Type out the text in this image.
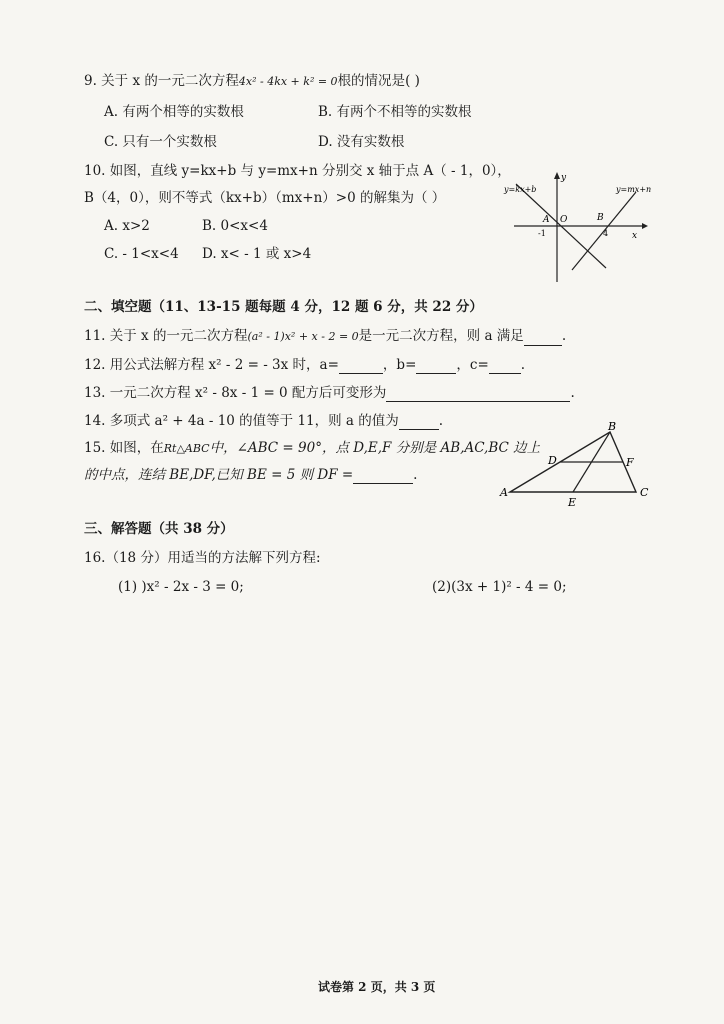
9. 关于 x 的一元二次方程4x² - 4kx + k² = 0根的情况是( )
A. 有两个相等的实数根	B. 有两个不相等的实数根
C. 只有一个实数根	D. 没有实数根
10. 如图，直线 y=kx+b 与 y=mx+n 分别交 x 轴于点 A（ - 1，0），
B（4，0），则不等式（kx+b）（mx+n）>0 的解集为（ ）
A. x>2	B. 0<x<4
C. - 1<x<4 D. x< - 1 或 x>4
y=kx+b	y=mx+n
y
x
A O	B
-1	4
二、填空题（11、13-15 题每题 4 分，12 题 6 分，共 22 分）
11. 关于 x 的一元二次方程(a² - 1)x² + x - 2 = 0是一元二次方程，则 a 满足	.
12. 用公式法解方程 x² - 2 = - 3x 时，a=	，b=	，c= .
13. 一元二次方程 x² - 8x - 1 = 0 配方后可变形为	.
14. 多项式 a² + 4a - 10 的值等于 11，则 a 的值为	.
15. 如图，在Rt△ABC中，∠ABC = 90°，点 D,E,F 分别是 AB,AC,BC 边上
的中点，连结 BE,DF,已知 BE = 5 则 DF =	.
A
B
C
D
E
F
三、解答题（共 38 分）
16.（18 分）用适当的方法解下列方程:
(1) )x² - 2x - 3 = 0;	(2)(3x + 1)² - 4 = 0;
试卷第 2 页，共 3 页
